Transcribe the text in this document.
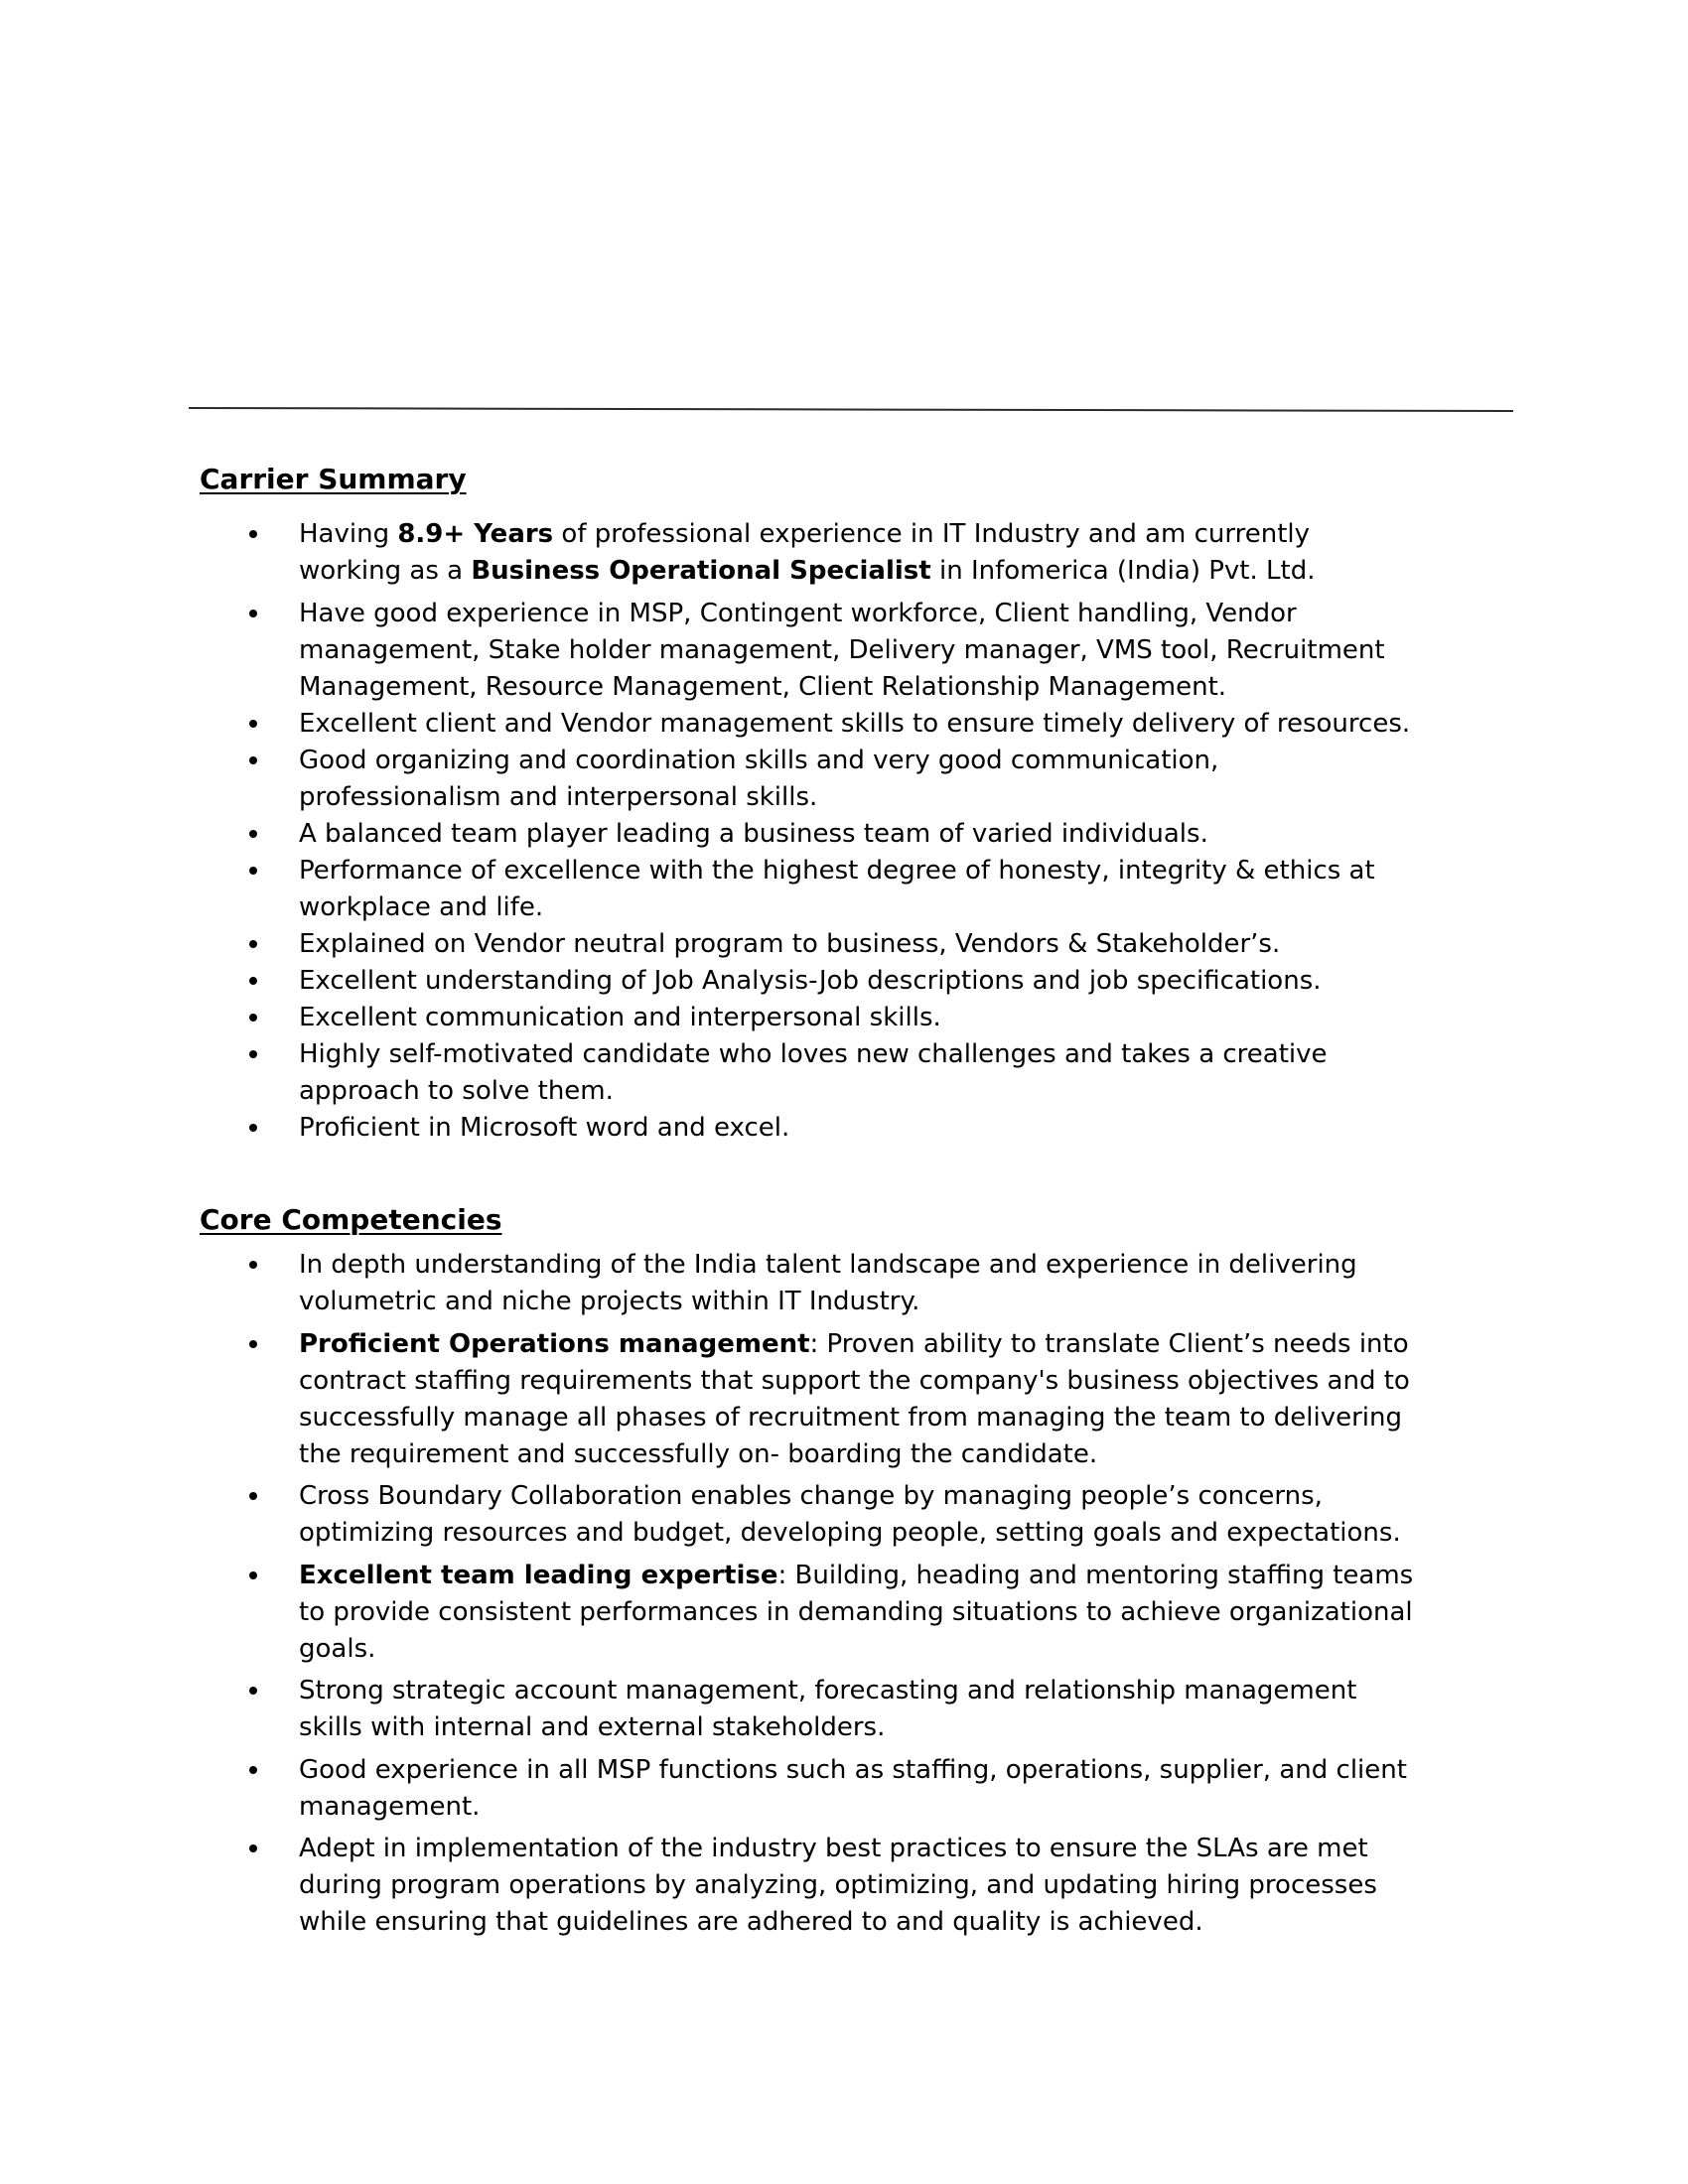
Carrier Summary
Having 8.9+ Years of professional experience in IT Industry and am currently
working as a Business Operational Specialist in Infomerica (India) Pvt. Ltd.
Have good experience in MSP, Contingent workforce, Client handling, Vendor
management, Stake holder management, Delivery manager, VMS tool, Recruitment
Management, Resource Management, Client Relationship Management.
Excellent client and Vendor management skills to ensure timely delivery of resources.
Good organizing and coordination skills and very good communication,
professionalism and interpersonal skills.
A balanced team player leading a business team of varied individuals.
Performance of excellence with the highest degree of honesty, integrity & ethics at
workplace and life.
Explained on Vendor neutral program to business, Vendors & Stakeholder’s.
Excellent understanding of Job Analysis-Job descriptions and job specifications.
Excellent communication and interpersonal skills.
Highly self-motivated candidate who loves new challenges and takes a creative
approach to solve them.
Proficient in Microsoft word and excel.
Core Competencies
In depth understanding of the India talent landscape and experience in delivering
volumetric and niche projects within IT Industry.
Proficient Operations management: Proven ability to translate Client’s needs into
contract staffing requirements that support the company's business objectives and to
successfully manage all phases of recruitment from managing the team to delivering
the requirement and successfully on- boarding the candidate.
Cross Boundary Collaboration enables change by managing people’s concerns,
optimizing resources and budget, developing people, setting goals and expectations.
Excellent team leading expertise: Building, heading and mentoring staffing teams
to provide consistent performances in demanding situations to achieve organizational
goals.
Strong strategic account management, forecasting and relationship management
skills with internal and external stakeholders.
Good experience in all MSP functions such as staffing, operations, supplier, and client
management.
Adept in implementation of the industry best practices to ensure the SLAs are met
during program operations by analyzing, optimizing, and updating hiring processes
while ensuring that guidelines are adhered to and quality is achieved.
